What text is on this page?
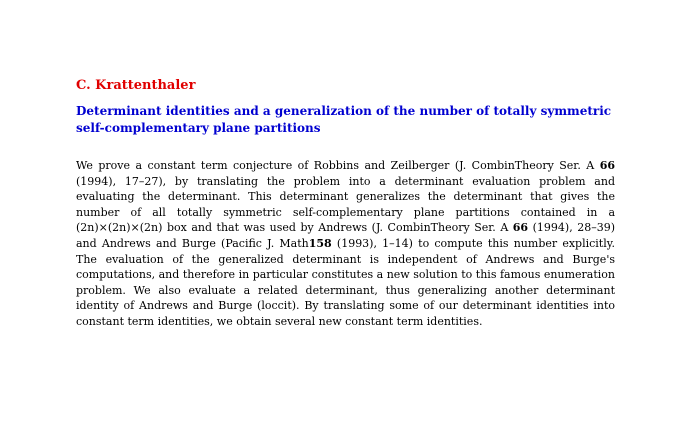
C. Krattenthaler
Determinant identities and a generalization of the number of totally symmetric self-complementary plane partitions

We prove a constant term conjecture of Robbins and Zeilberger (J. CombinTheory Ser. A 66 (1994), 17–27), by translating the problem into a determinant evaluation problem and evaluating the determinant. This determinant generalizes the determinant that gives the number of all totally symmetric self-complementary plane partitions contained in a (2n)×(2n)×(2n) box and that was used by Andrews (J. CombinTheory Ser. A 66 (1994), 28–39) and Andrews and Burge (Pacific J. Math158 (1993), 1–14) to compute this number explicitly. The evaluation of the generalized determinant is independent of Andrews and Burge's computations, and therefore in particular constitutes a new solution to this famous enumeration problem. We also evaluate a related determinant, thus generalizing another determinant identity of Andrews and Burge (loccit). By translating some of our determinant identities into constant term identities, we obtain several new constant term identities.
